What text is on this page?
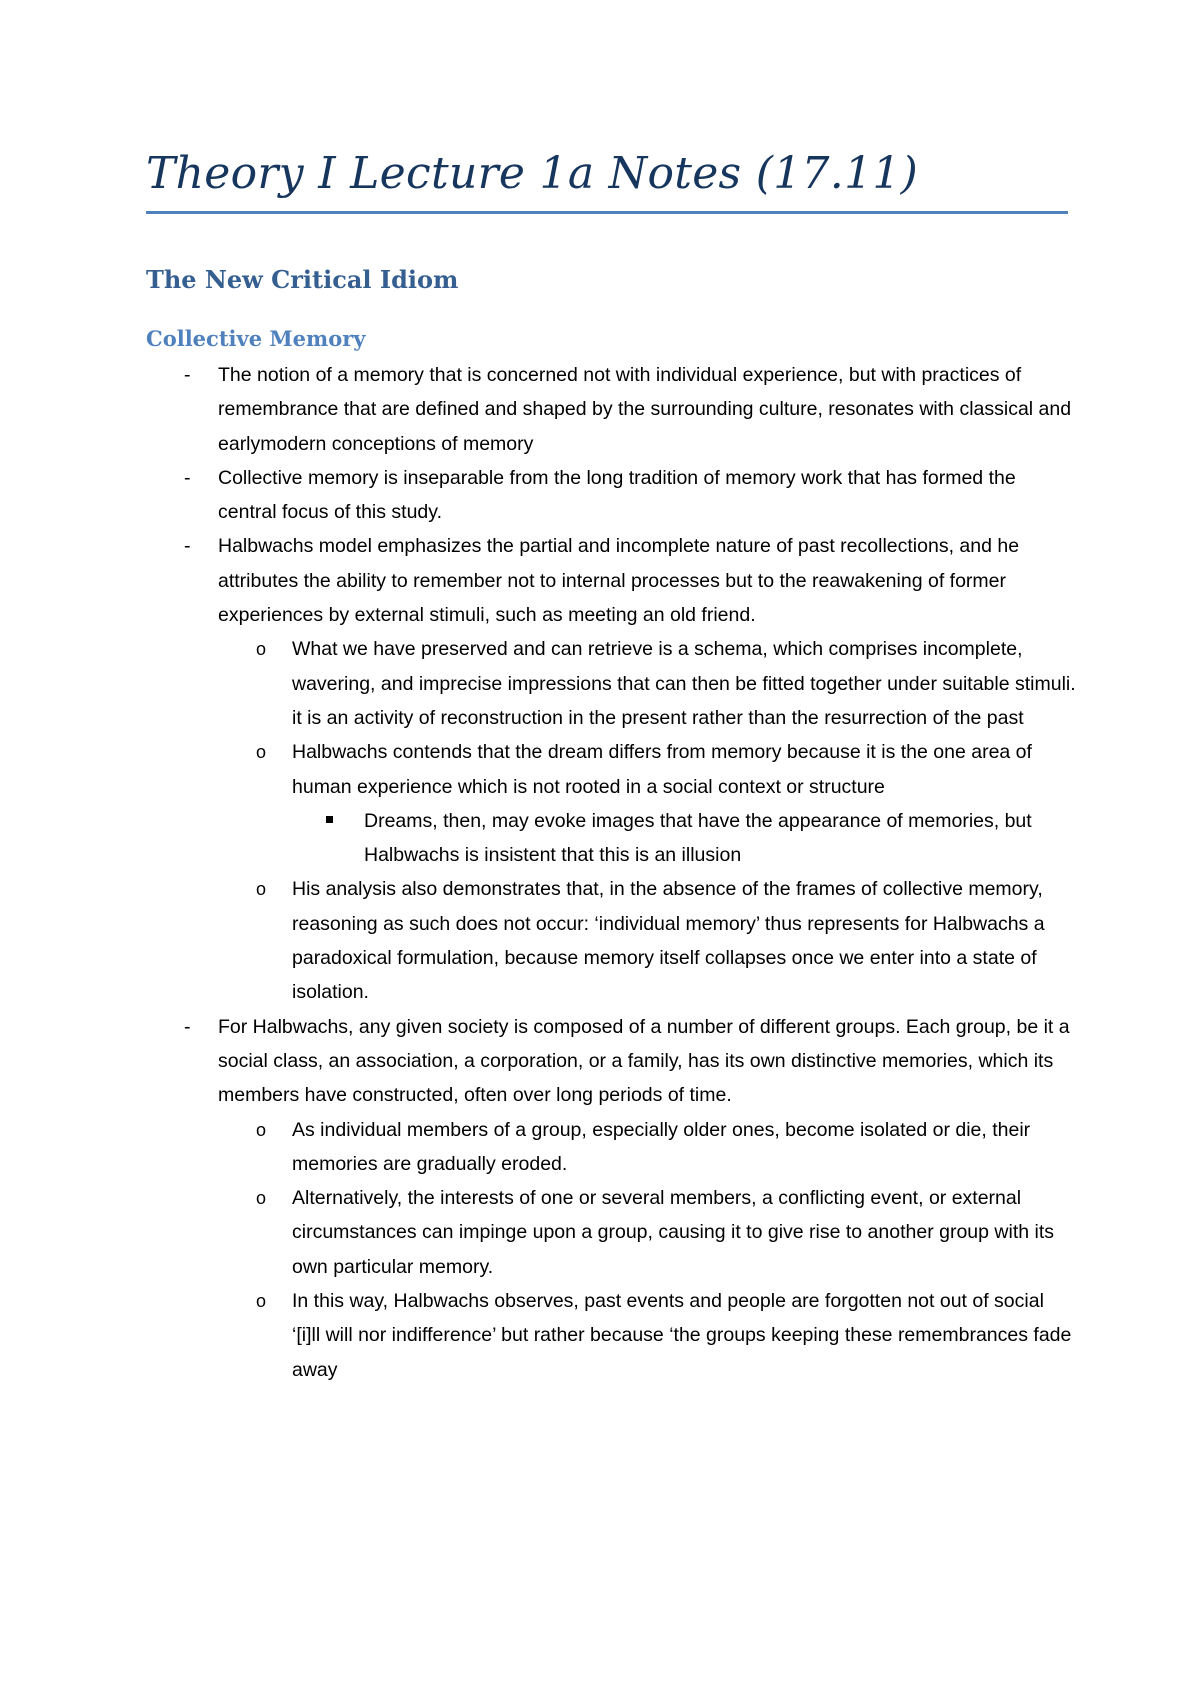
Theory I Lecture 1a Notes (17.11)
The New Critical Idiom
Collective Memory

- The notion of a memory that is concerned not with individual experience, but with practices of remembrance that are defined and shaped by the surrounding culture, resonates with classical and earlymodern conceptions of memory

- Collective memory is inseparable from the long tradition of memory work that has formed the central focus of this study.

- Halbwachs model emphasizes the partial and incomplete nature of past recollections, and he attributes the ability to remember not to internal processes but to the reawakening of former experiences by external stimuli, such as meeting an old friend.

o What we have preserved and can retrieve is a schema, which comprises incomplete, wavering, and imprecise impressions that can then be fitted together under suitable stimuli. it is an activity of reconstruction in the present rather than the resurrection of the past

o Halbwachs contends that the dream differs from memory because it is the one area of human experience which is not rooted in a social context or structure

Dreams, then, may evoke images that have the appearance of memories, but Halbwachs is insistent that this is an illusion

o His analysis also demonstrates that, in the absence of the frames of collective memory, reasoning as such does not occur: ‘individual memory’ thus represents for Halbwachs a paradoxical formulation, because memory itself collapses once we enter into a state of isolation.

- For Halbwachs, any given society is composed of a number of different groups. Each group, be it a social class, an association, a corporation, or a family, has its own distinctive memories, which its members have constructed, often over long periods of time.

o As individual members of a group, especially older ones, become isolated or die, their memories are gradually eroded.

o Alternatively, the interests of one or several members, a conflicting event, or external circumstances can impinge upon a group, causing it to give rise to another group with its own particular memory.

o In this way, Halbwachs observes, past events and people are forgotten not out of social ‘[i]ll will nor indifference’ but rather because ‘the groups keeping these remembrances fade away
